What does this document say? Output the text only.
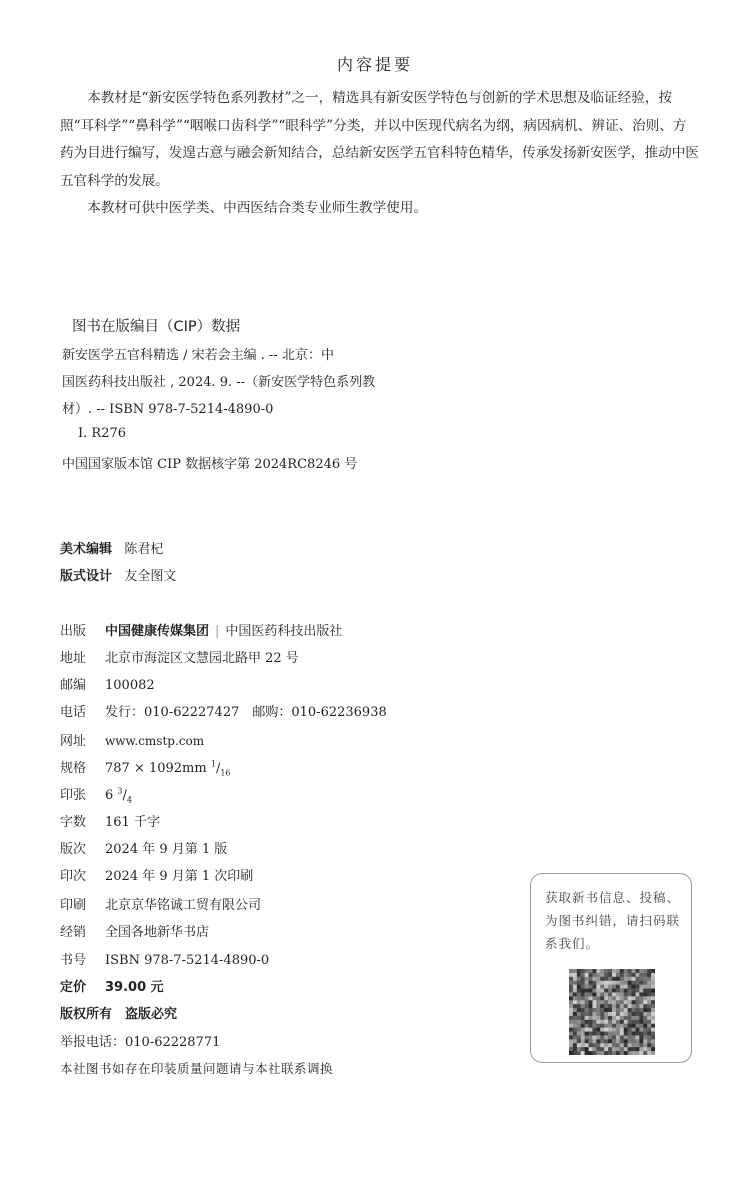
内容提要

本教材是“新安医学特色系列教材”之一，精选具有新安医学特色与创新的学术思想及临证经验，按照“耳科学”“鼻科学”“咽喉口齿科学”“眼科学”分类，并以中医现代病名为纲，病因病机、辨证、治则、方药为目进行编写，发遑古意与融会新知结合，总结新安医学五官科特色精华，传承发扬新安医学，推动中医五官科学的发展。

本教材可供中医学类、中西医结合类专业师生教学使用。

图书在版编目（CIP）数据
新安医学五官科精选 / 宋若会主编 . -- 北京：中
国医药科技出版社 , 2024. 9. --（新安医学特色系列教
材）. -- ISBN 978-7-5214-4890-0
Ⅰ. R276
中国国家版本馆 CIP 数据核字第 2024RC8246 号
美术编辑 陈君杞
版式设计 友全图文
出版 中国健康传媒集团 | 中国医药科技出版社
地址 北京市海淀区文慧园北路甲 22 号
邮编 100082
电话 发行：010-62227427　邮购：010-62236938
网址 www.cmstp.com
规格 787 × 1092mm $^1/_{16}$
印张 6 $^3/_4$
字数 161 千字
版次 2024 年 9 月第 1 版
印次 2024 年 9 月第 1 次印刷
印刷 北京京华铭诚工贸有限公司
经销 全国各地新华书店
书号 ISBN 978-7-5214-4890-0
定价 39.00 元
版权所有　盗版必究
举报电话：010-62228771
本社图书如存在印装质量问题请与本社联系调换
获取新书信息、投稿、为图书纠错，请扫码联系我们。
